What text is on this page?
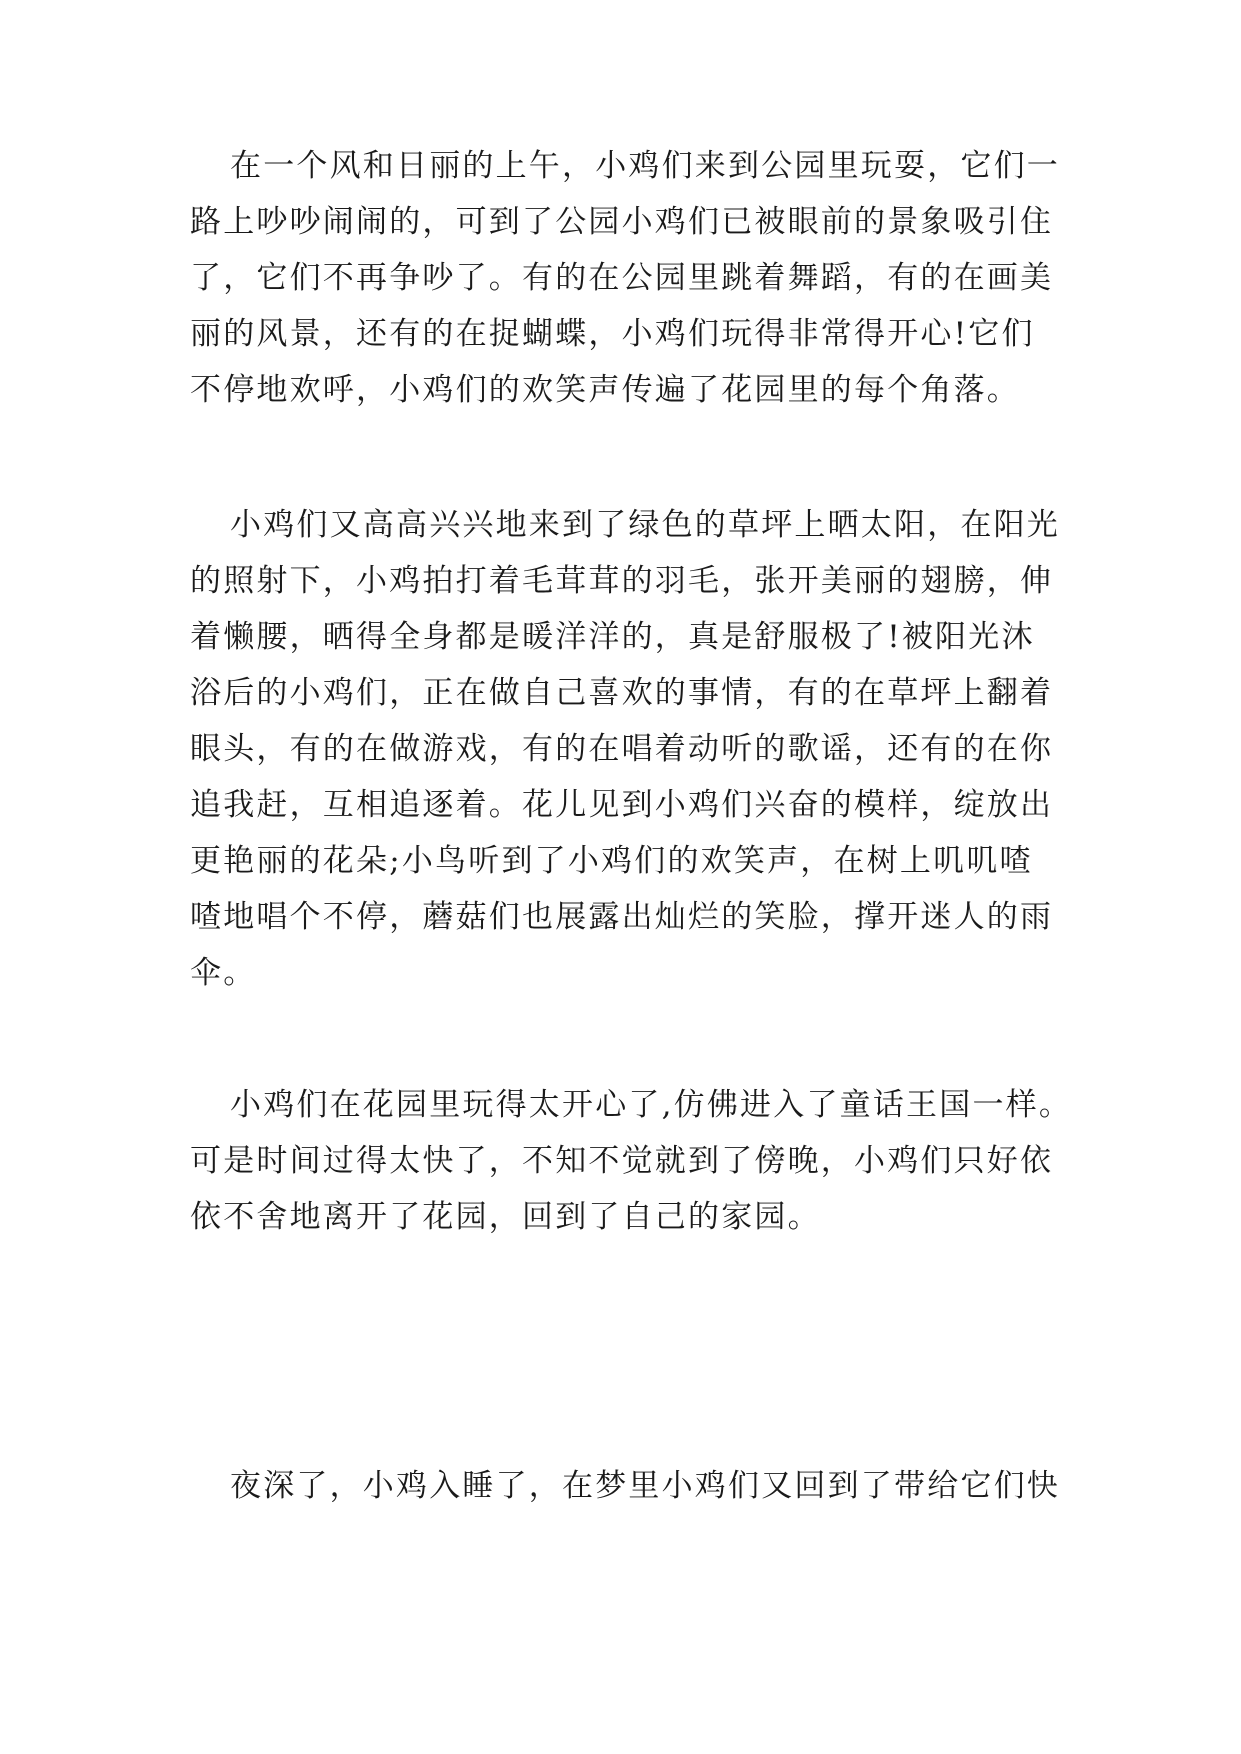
在一个风和日丽的上午，小鸡们来到公园里玩耍，它们一
路上吵吵闹闹的，可到了公园小鸡们已被眼前的景象吸引住
了，它们不再争吵了。有的在公园里跳着舞蹈，有的在画美
丽的风景，还有的在捉蝴蝶，小鸡们玩得非常得开心!它们
不停地欢呼，小鸡们的欢笑声传遍了花园里的每个角落。
小鸡们又高高兴兴地来到了绿色的草坪上晒太阳，在阳光
的照射下，小鸡拍打着毛茸茸的羽毛，张开美丽的翅膀，伸
着懒腰，晒得全身都是暖洋洋的，真是舒服极了!被阳光沐
浴后的小鸡们，正在做自己喜欢的事情，有的在草坪上翻着
眼头，有的在做游戏，有的在唱着动听的歌谣，还有的在你
追我赶，互相追逐着。花儿见到小鸡们兴奋的模样，绽放出
更艳丽的花朵;小鸟听到了小鸡们的欢笑声，在树上叽叽喳
喳地唱个不停，蘑菇们也展露出灿烂的笑脸，撑开迷人的雨
伞。
小鸡们在花园里玩得太开心了,仿佛进入了童话王国一样。
可是时间过得太快了，不知不觉就到了傍晚，小鸡们只好依
依不舍地离开了花园，回到了自己的家园。
夜深了，小鸡入睡了，在梦里小鸡们又回到了带给它们快
